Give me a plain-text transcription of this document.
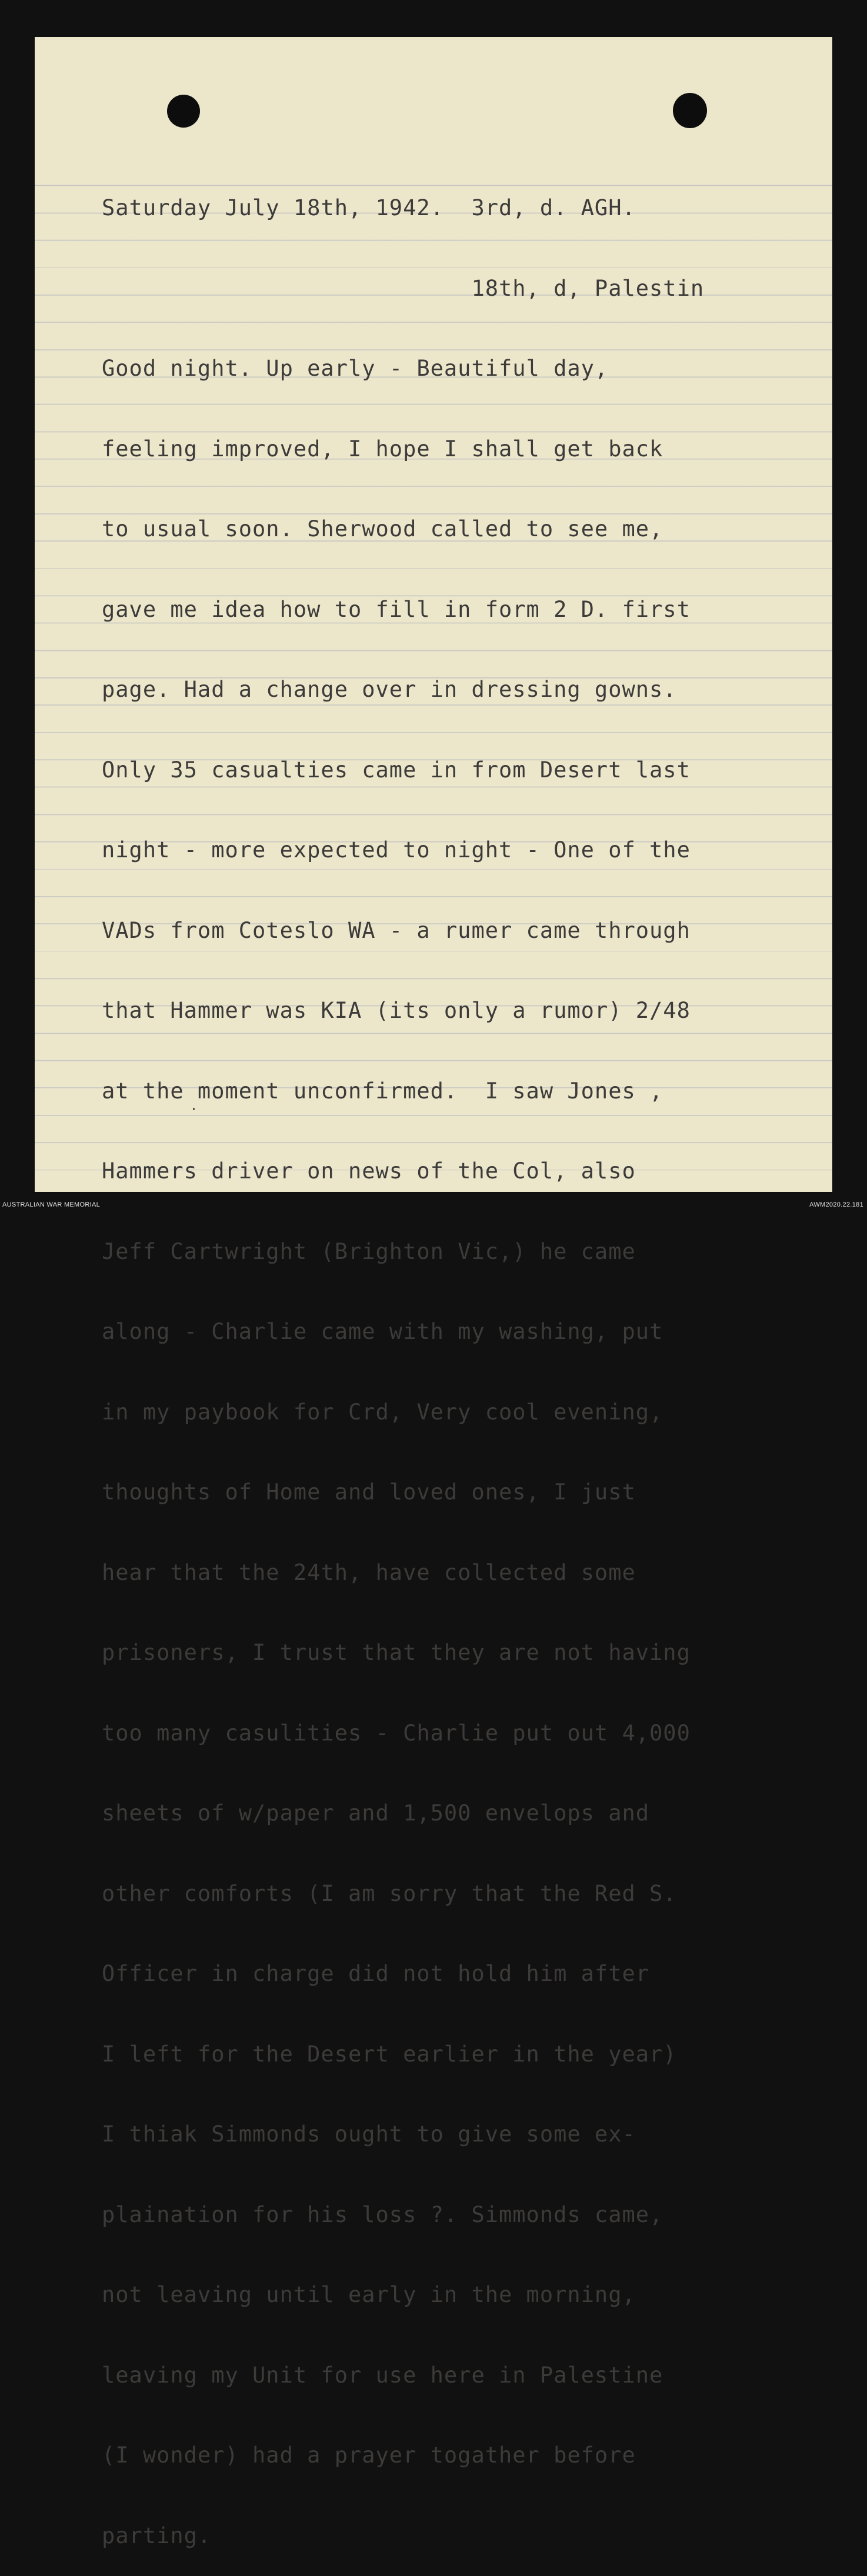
Saturday July 18th, 1942.  3rd, d. AGH.

18th, d, Palestin

Good night. Up early - Beautiful day,

feeling improved, I hope I shall get back

to usual soon. Sherwood called to see me,

gave me idea how to fill in form 2 D. first

page. Had a change over in dressing gowns.

Only 35 casualties came in from Desert last

night - more expected to night - One of the

VADs from Coteslo WA - a rumer came through

that Hammer was KIA (its only a rumor) 2/48

at the moment unconfirmed.  I saw Jones ,

Hammers driver on news of the Col, also

Jeff Cartwright (Brighton Vic,) he came

along - Charlie came with my washing, put

in my paybook for Crd, Very cool evening,

thoughts of Home and loved ones, I just

hear that the 24th, have collected some

prisoners, I trust that they are not having

too many casulities - Charlie put out 4,000

sheets of w/paper and 1,500 envelops and

other comforts (I am sorry that the Red S.

Officer in charge did not hold him after

I left for the Desert earlier in the year)

I thiak Simmonds ought to give some ex-

plaination for his loss ?. Simmonds came,

not leaving until early in the morning,

leaving my Unit for use here in Palestine

(I wonder) had a prayer togather before

parting.

AUSTRALIAN WAR MEMORIAL	AWM2020.22.181
